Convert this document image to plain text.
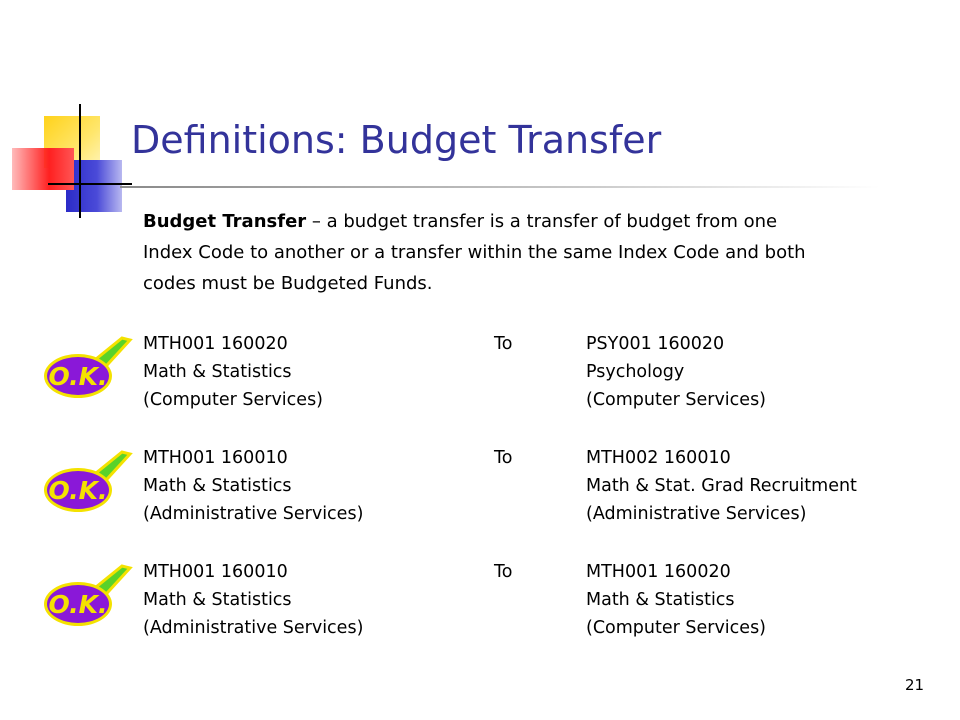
Definitions: Budget Transfer
Budget Transfer – a budget transfer is a transfer of budget from one
Index Code to another or a transfer within the same Index Code and both
codes must be Budgeted Funds.
O.K.
MTH001 160020
Math & Statistics
(Computer Services)
To	PSY001 160020
Psychology
(Computer Services)
O.K.
MTH001 160010
Math & Statistics
(Administrative Services)
To	MTH002 160010
Math & Stat. Grad Recruitment
(Administrative Services)
O.K.
MTH001 160010
Math & Statistics
(Administrative Services)
To	MTH001 160020
Math & Statistics
(Computer Services)
21
